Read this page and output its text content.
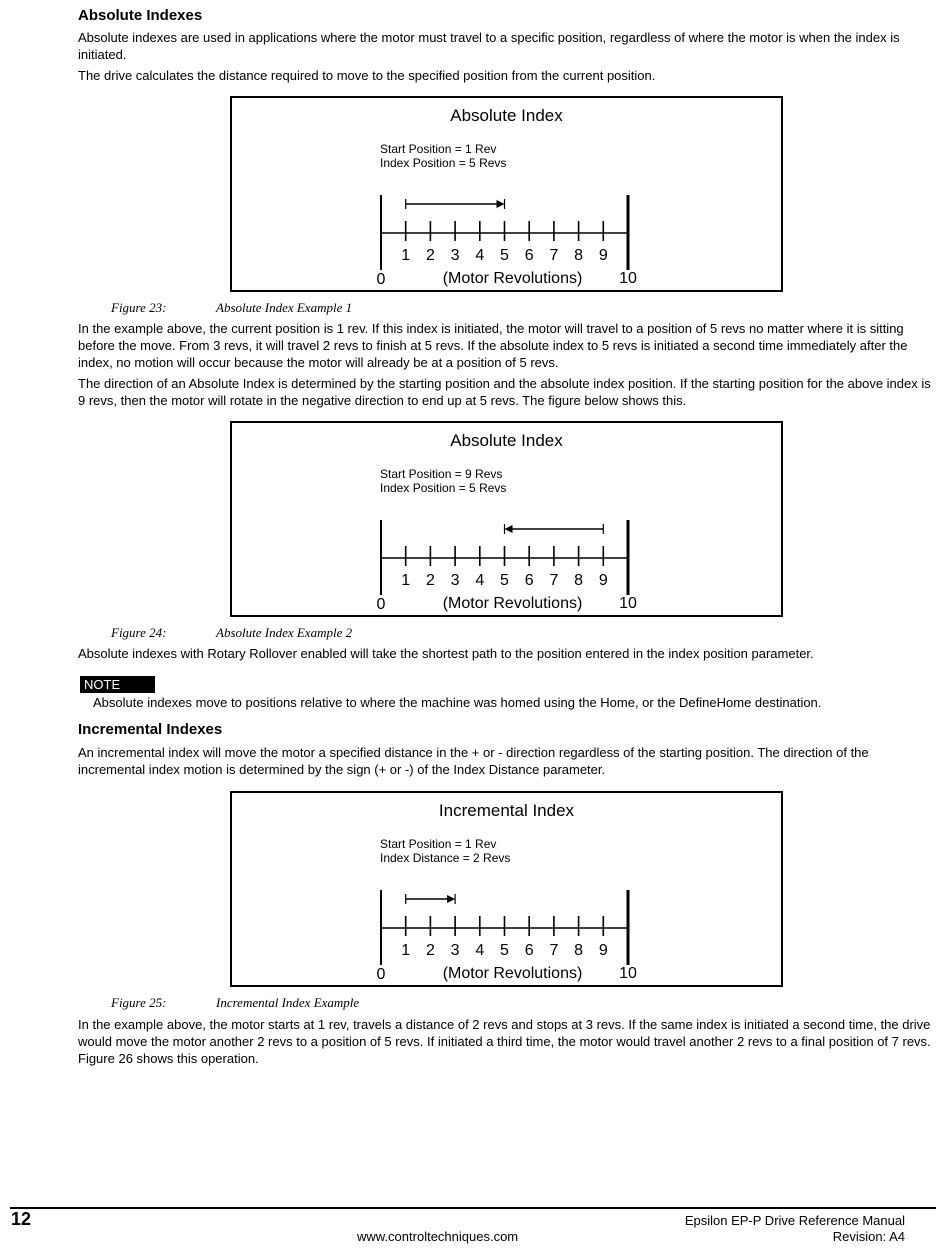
Absolute Indexes

Absolute indexes are used in applications where the motor must travel to a specific position, regardless of where the motor is when the index is initiated.

The drive calculates the distance required to move to the specified position from the current position.

Absolute Index
Start Position = 1 Rev
Index Position = 5 Revs
1 2 3 4 5 6 7 8 9
0	10
(Motor Revolutions)
Figure 23:	Absolute Index Example 1

In the example above, the current position is 1 rev. If this index is initiated, the motor will travel to a position of 5 revs no matter where it is sitting before the move. From 3 revs, it will travel 2 revs to finish at 5 revs. If the absolute index to 5 revs is initiated a second time immediately after the index, no motion will occur because the motor will already be at a position of 5 revs.

The direction of an Absolute Index is determined by the starting position and the absolute index position. If the starting position for the above index is 9 revs, then the motor will rotate in the negative direction to end up at 5 revs. The figure below shows this.

Absolute Index
Start Position = 9 Revs
Index Position = 5 Revs
1 2 3 4 5 6 7 8 9
0	10
(Motor Revolutions)
Figure 24:	Absolute Index Example 2

Absolute indexes with Rotary Rollover enabled will take the shortest path to the position entered in the index position parameter.

NOTE

Absolute indexes move to positions relative to where the machine was homed using the Home, or the DefineHome destination.

Incremental Indexes

An incremental index will move the motor a specified distance in the + or - direction regardless of the starting position. The direction of the incremental index motion is determined by the sign (+ or -) of the Index Distance parameter.

Incremental Index
Start Position = 1 Rev
Index Distance = 2 Revs
1 2 3 4 5 6 7 8 9
0	10
(Motor Revolutions)
Figure 25:	Incremental Index Example

In the example above, the motor starts at 1 rev, travels a distance of 2 revs and stops at 3 revs. If the same index is initiated a second time, the drive would move the motor another 2 revs to a position of 5 revs. If initiated a third time, the motor would travel another 2 revs to a final position of 7 revs. Figure 26 shows this operation.

12
www.controltechniques.com
Epsilon EP-P Drive Reference Manual
Revision: A4
